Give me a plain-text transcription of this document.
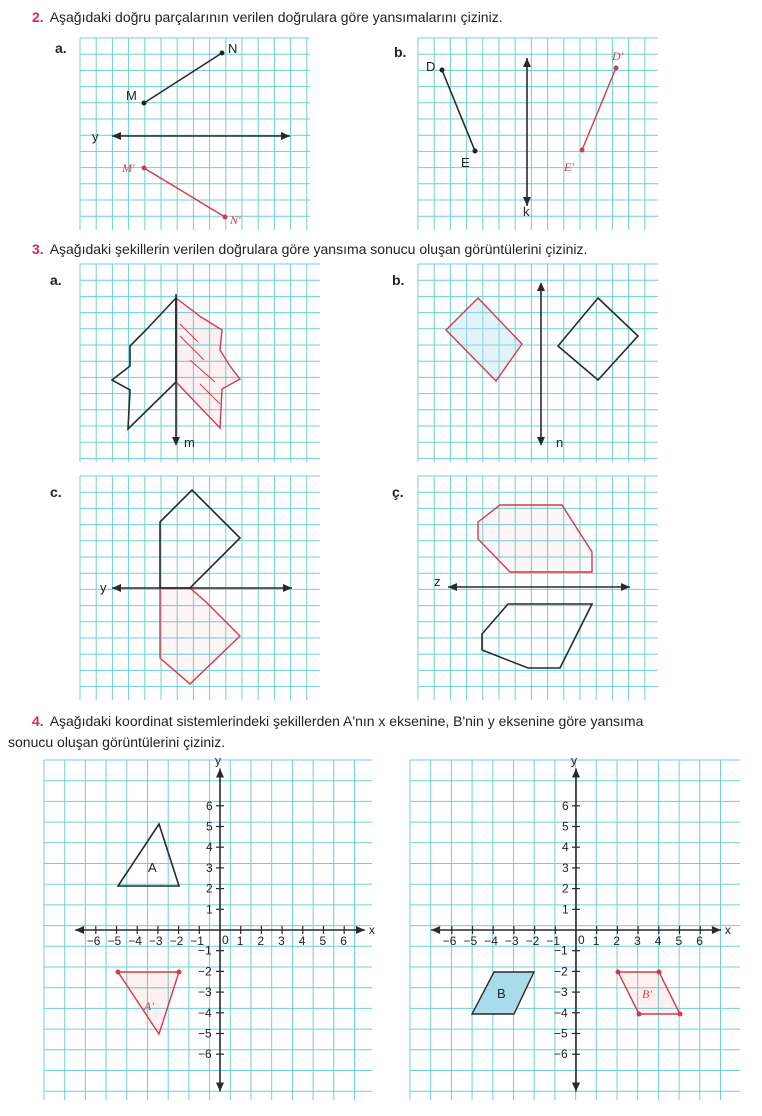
2. Aşağıdaki doğru parçalarının verilen doğrulara göre yansımalarını çiziniz.
a.	b.
M
N
y
M'
N'
D
E
k
D'
E'
3. Aşağıdaki şekillerin verilen doğrulara göre yansıma sonucu oluşan görüntülerini çiziniz.
a.	b.
c.	ç.
m	n
y	z
4. Aşağıdaki koordinat sistemlerindeki şekillerden A'nın x eksenine, B'nin y eksenine göre yansıma
sonucu oluşan görüntülerini çiziniz.
x
y
0
−6 −5 −4 −3 −2 −1	1 2 3 4 5 6
6
5
4
3
2
1
−1
−2
−3
−4
−5
−6
A
A'
x
y
0
−6 −5 −4 −3 −2 −1	1 2 3 4 5 6
6
5
4
3
2
1
−1
−2
−3
−4
−5
−6
B	B'
